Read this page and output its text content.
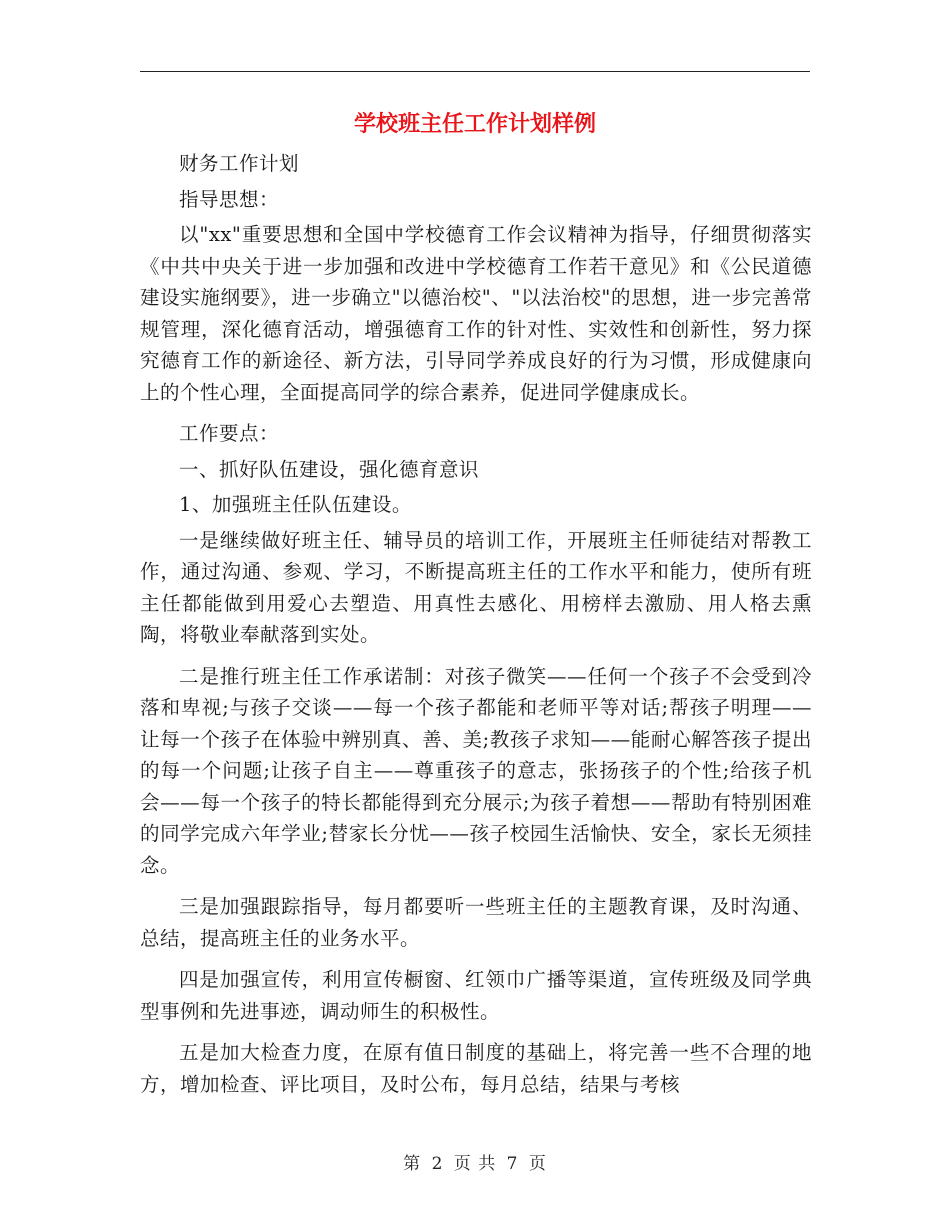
学校班主任工作计划样例

财务工作计划

指导思想：

以"xx"重要思想和全国中学校德育工作会议精神为指导，仔细贯彻落实《中共中央关于进一步加强和改进中学校德育工作若干意见》和《公民道德建设实施纲要》，进一步确立"以德治校"、"以法治校"的思想，进一步完善常规管理，深化德育活动，增强德育工作的针对性、实效性和创新性，努力探究德育工作的新途径、新方法，引导同学养成良好的行为习惯，形成健康向上的个性心理，全面提高同学的综合素养，促进同学健康成长。

工作要点：

一、抓好队伍建设，强化德育意识

1、加强班主任队伍建设。

一是继续做好班主任、辅导员的培训工作，开展班主任师徒结对帮教工作，通过沟通、参观、学习，不断提高班主任的工作水平和能力，使所有班主任都能做到用爱心去塑造、用真性去感化、用榜样去激励、用人格去熏陶，将敬业奉献落到实处。

二是推行班主任工作承诺制：对孩子微笑——任何一个孩子不会受到冷落和卑视;与孩子交谈——每一个孩子都能和老师平等对话;帮孩子明理——让每一个孩子在体验中辨别真、善、美;教孩子求知——能耐心解答孩子提出的每一个问题;让孩子自主——尊重孩子的意志，张扬孩子的个性;给孩子机会——每一个孩子的特长都能得到充分展示;为孩子着想——帮助有特别困难的同学完成六年学业;替家长分忧——孩子校园生活愉快、安全，家长无须挂念。

三是加强跟踪指导，每月都要听一些班主任的主题教育课，及时沟通、总结，提高班主任的业务水平。

四是加强宣传，利用宣传橱窗、红领巾广播等渠道，宣传班级及同学典型事例和先进事迹，调动师生的积极性。

五是加大检查力度，在原有值日制度的基础上，将完善一些不合理的地方，增加检查、评比项目，及时公布，每月总结，结果与考核

第 2 页 共 7 页
